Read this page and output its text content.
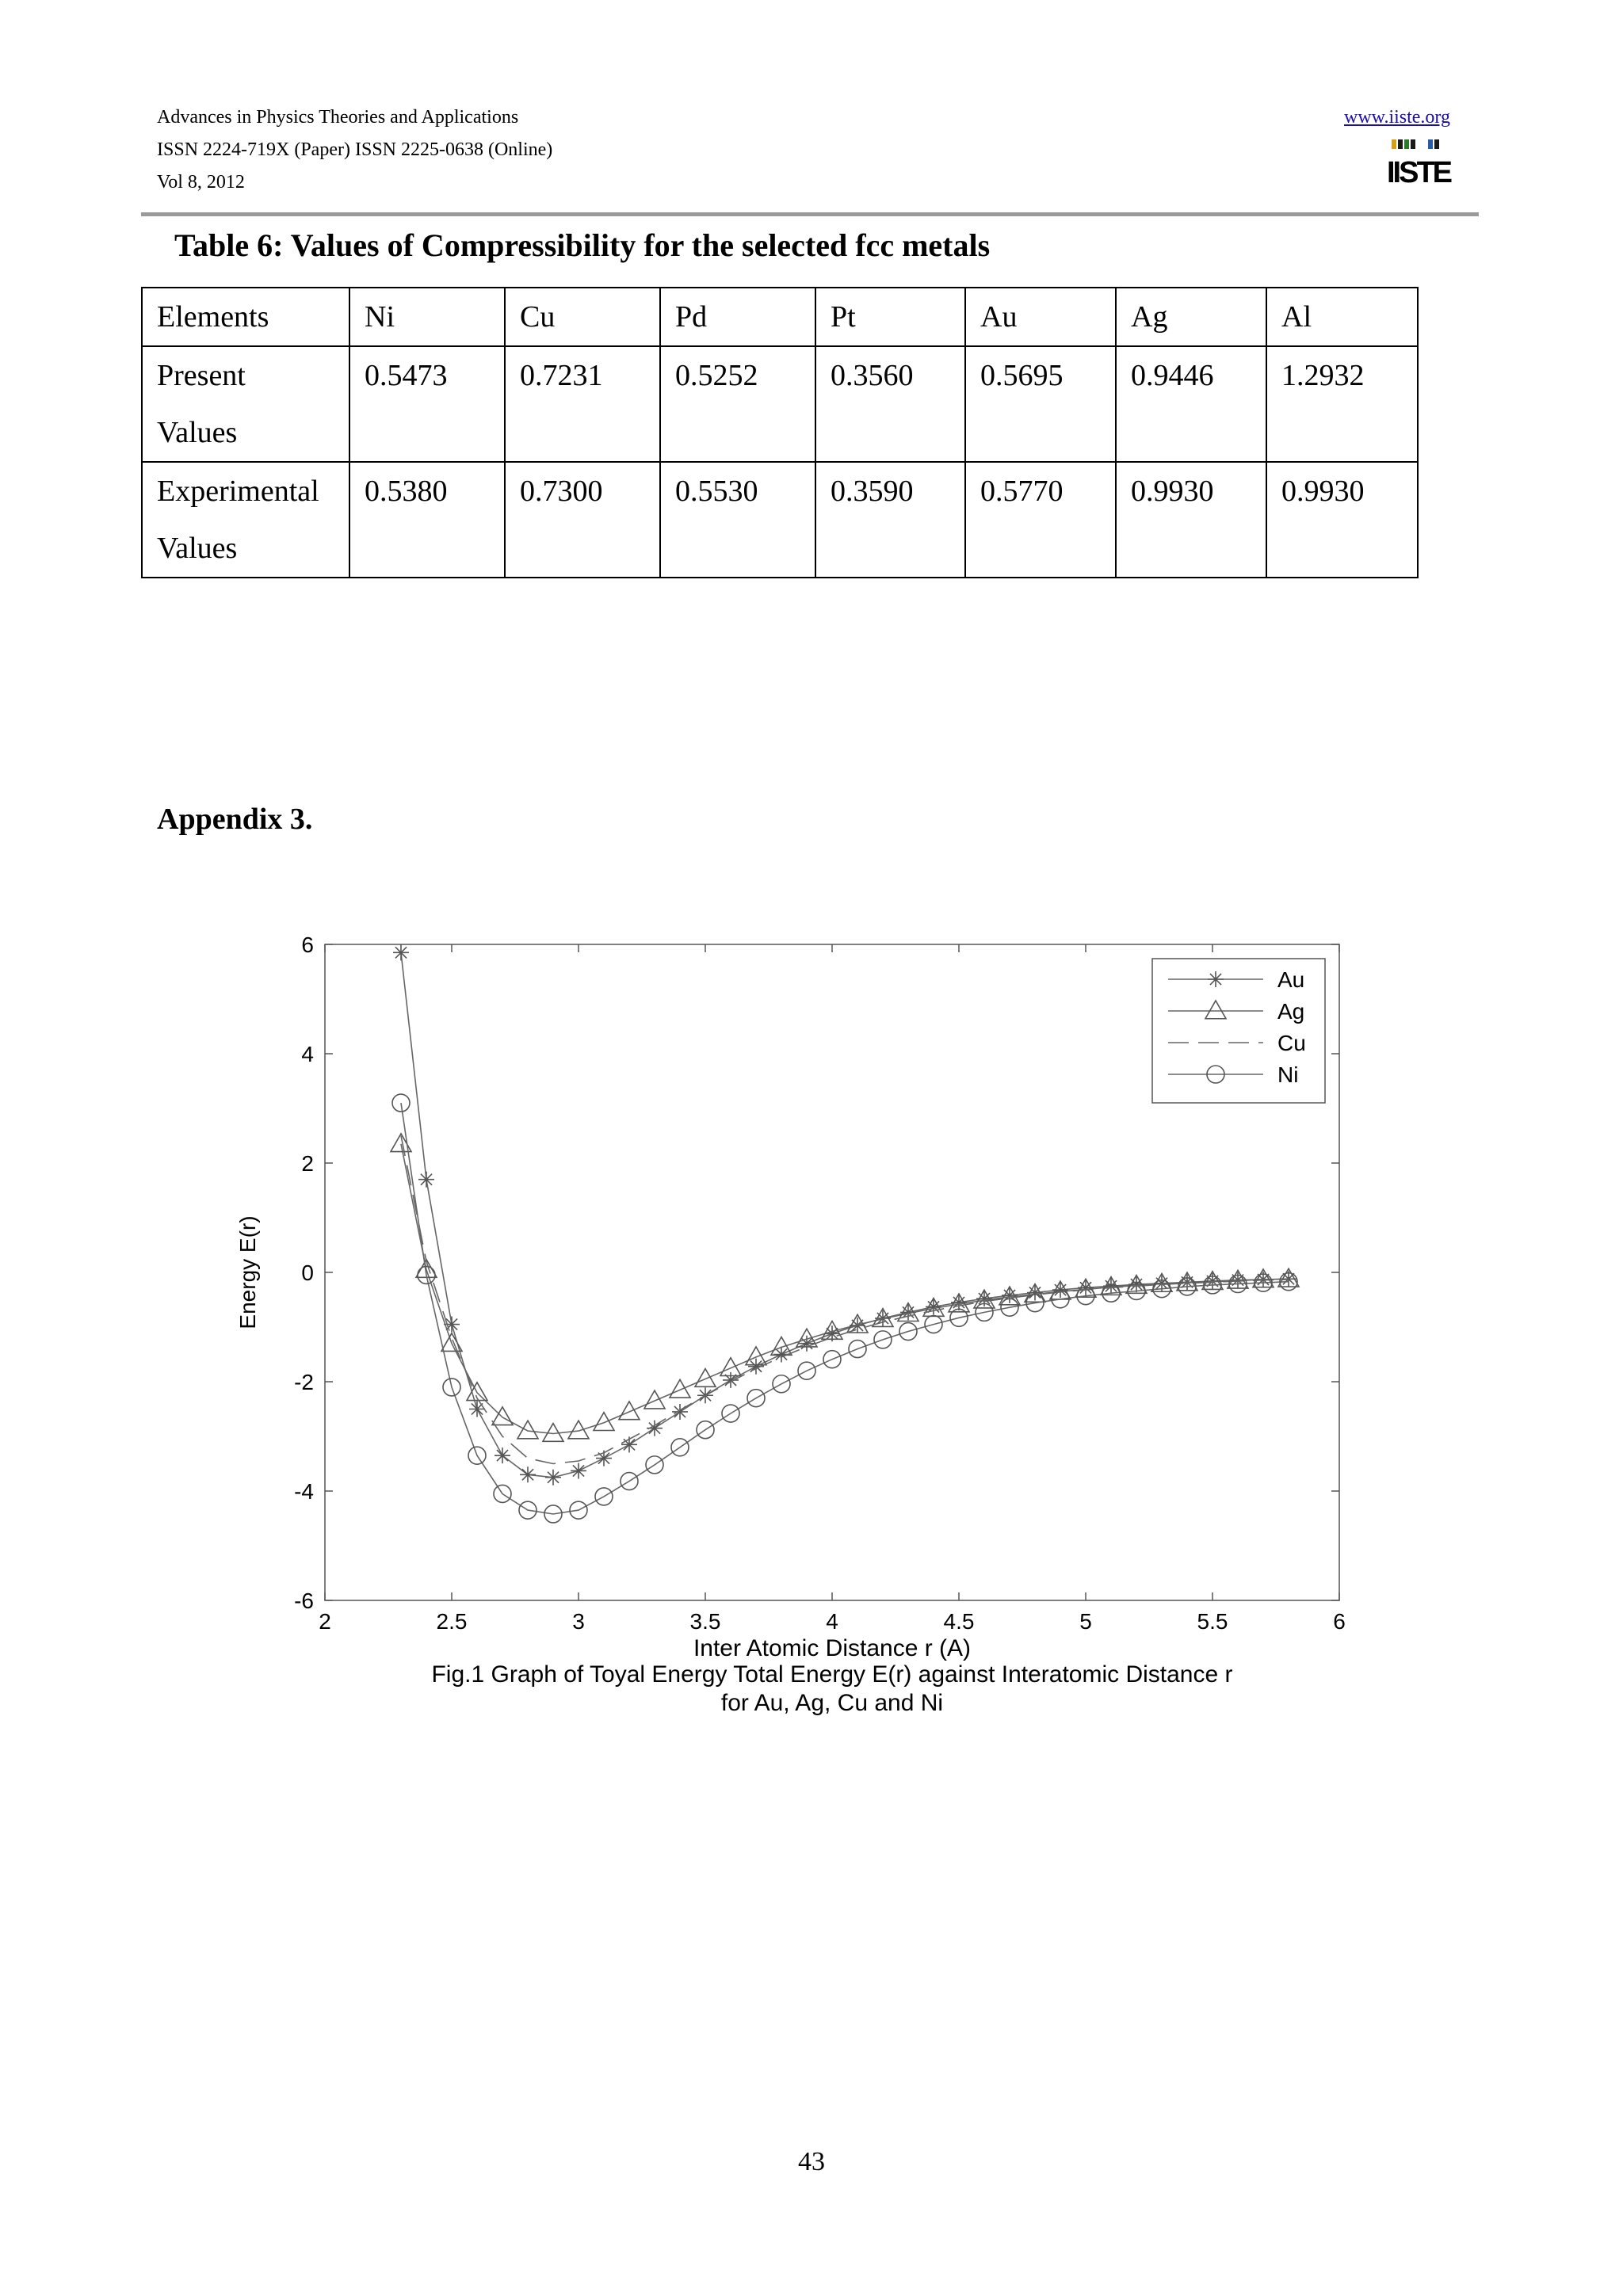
Advances in Physics Theories and Applications
ISSN 2224-719X (Paper) ISSN 2225-0638 (Online)
Vol 8, 2012
www.iiste.org
IISTE
Table 6: Values of Compressibility for the selected fcc metals
Elements	Ni	Cu	Pd	Pt	Au	Ag	Al

Present
Values	0.5473	0.7231	0.5252	0.3560	0.5695	0.9446	1.2932

Experimental
Values	0.5380	0.7300	0.5530	0.3590	0.5770	0.9930	0.9930
Appendix 3.
2	2.5	3	3.5	4	4.5	5	5.5	6
-6
-4
-2
0
2
4
6
Inter Atomic Distance r (A)
Energy E(r)
Au
Ag
Cu
Ni
Fig.1 Graph of Toyal Energy Total Energy E(r) against Interatomic Distance r
for Au, Ag, Cu and Ni
43
